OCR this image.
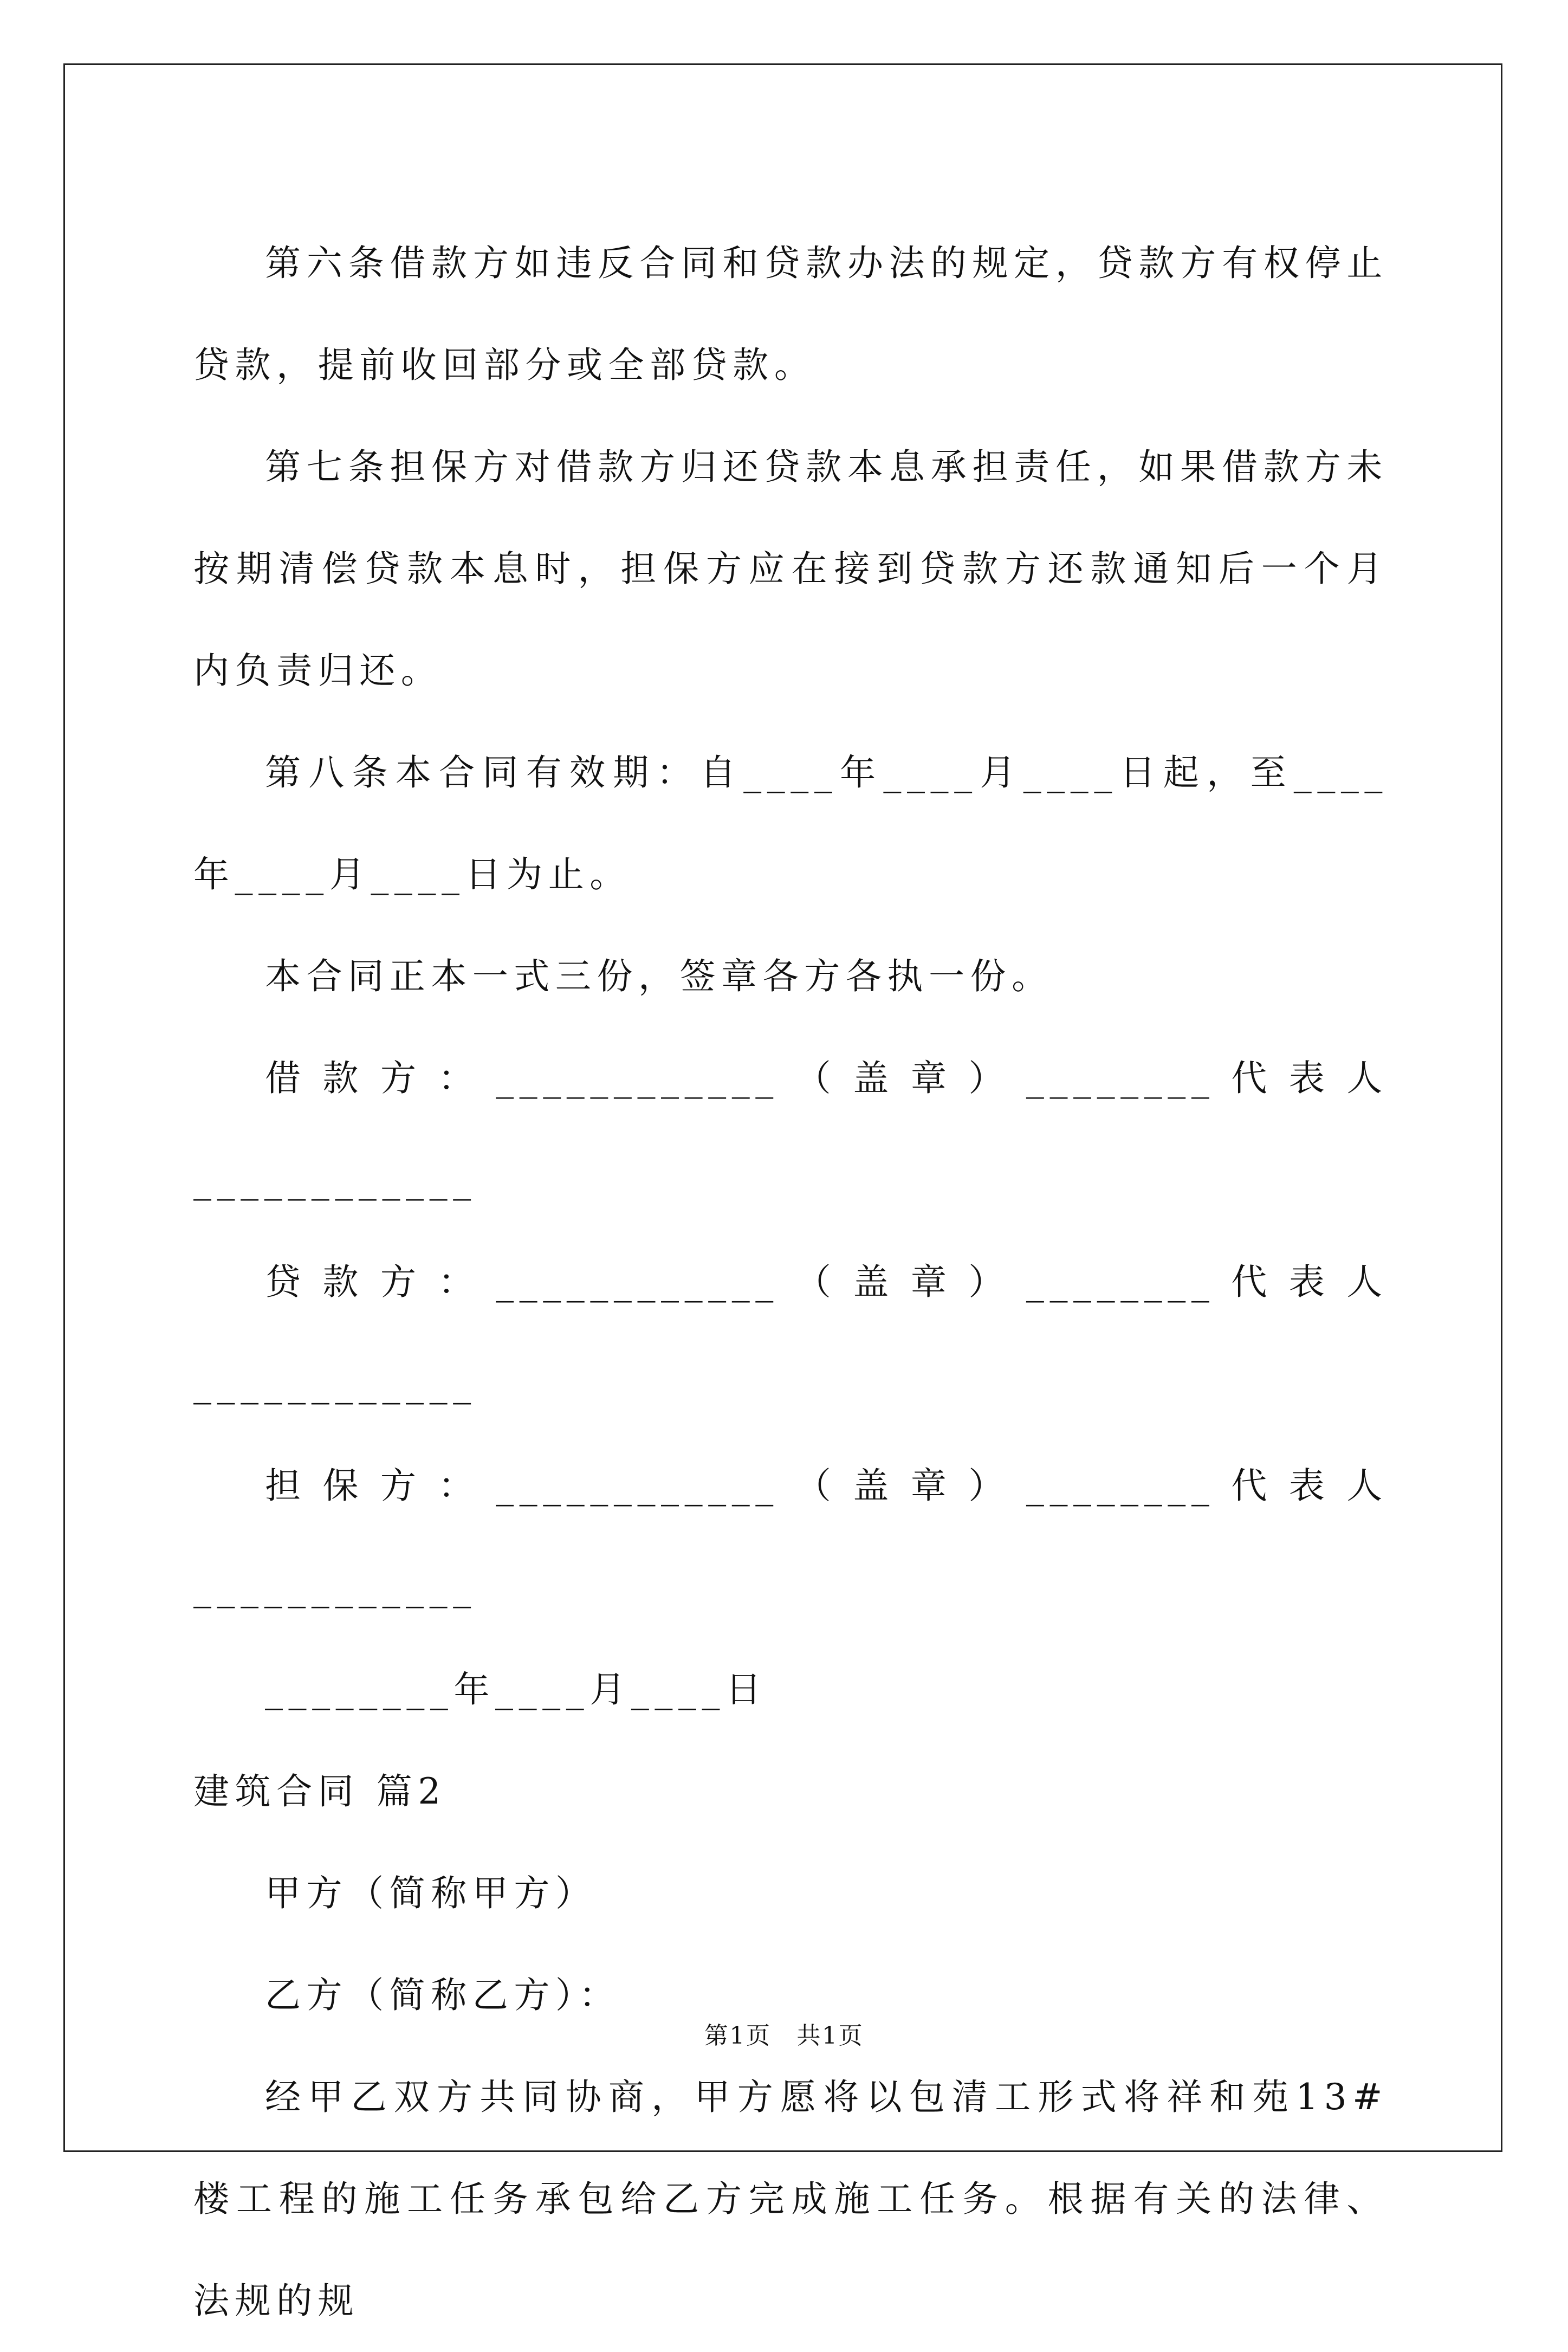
第六条借款方如违反合同和贷款办法的规定，贷款方有权停止贷款，提前收回部分或全部贷款。

第七条担保方对借款方归还贷款本息承担责任，如果借款方未按期清偿贷款本息时，担保方应在接到贷款方还款通知后一个月内负责归还。

第八条本合同有效期：自____年____月____日起，至____年____月____日为止。

本合同正本一式三份，签章各方各执一份。

借款方：____________（盖章）________代表人____________

贷款方：____________（盖章）________代表人____________

担保方：____________（盖章）________代表人____________

________年____月____日

建筑合同 篇2

甲方（简称甲方）

乙方（简称乙方）：

经甲乙双方共同协商，甲方愿将以包清工形式将祥和苑13#楼工程的施工任务承包给乙方完成施工任务。根据有关的法律、法规的规

第1页　共1页
